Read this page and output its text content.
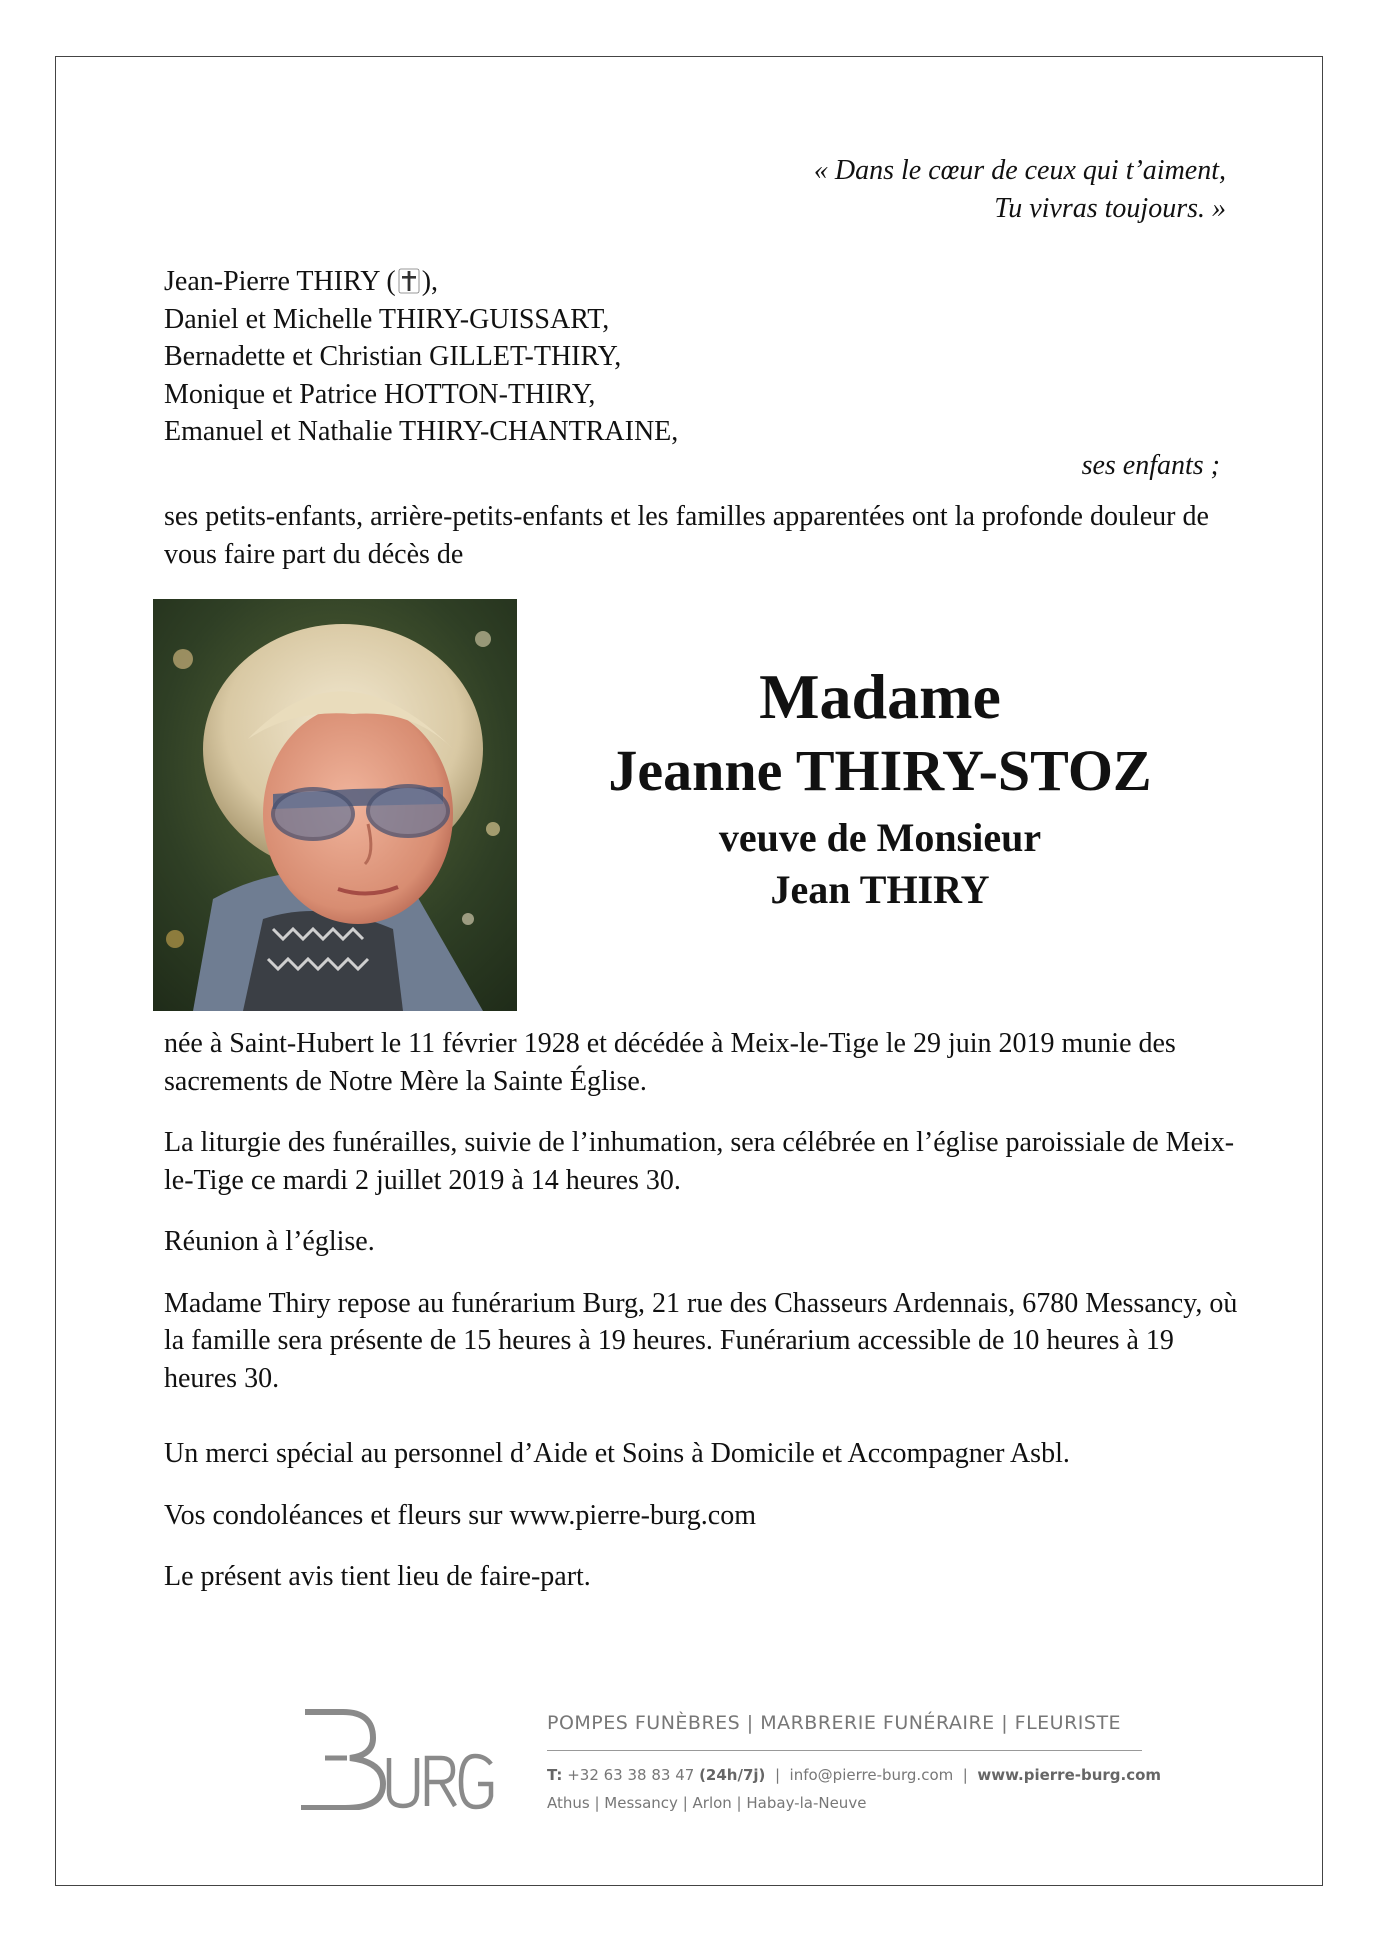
« Dans le cœur de ceux qui t’aiment,
Tu vivras toujours. »
Jean-Pierre THIRY ( ),
Daniel et Michelle THIRY-GUISSART,
Bernadette et Christian GILLET-THIRY,
Monique et Patrice HOTTON-THIRY,
Emanuel et Nathalie THIRY-CHANTRAINE,
ses enfants ;
ses petits-enfants, arrière-petits-enfants et les familles apparentées ont la profonde douleur de vous faire part du décès de
Madame
Jeanne THIRY-STOZ
veuve de Monsieur
Jean THIRY

née à Saint-Hubert le 11 février 1928 et décédée à Meix-le-Tige le 29 juin 2019 munie des sacrements de Notre Mère la Sainte Église.

La liturgie des funérailles, suivie de l’inhumation, sera célébrée en l’église paroissiale de Meix-le-Tige ce mardi 2 juillet 2019 à 14 heures 30.

Réunion à l’église.

Madame Thiry repose au funérarium Burg, 21 rue des Chasseurs Ardennais, 6780 Messancy, où la famille sera présente de 15 heures à 19 heures. Funérarium accessible de 10 heures à 19 heures 30.

Un merci spécial au personnel d’Aide et Soins à Domicile et Accompagner Asbl.

Vos condoléances et fleurs sur www.pierre-burg.com

Le présent avis tient lieu de faire-part.

POMPES FUNÈBRES | MARBRERIE FUNÉRAIRE | FLEURISTE
T: +32 63 38 83 47 (24h/7j)  |  info@pierre-burg.com  |  www.pierre-burg.com
Athus | Messancy | Arlon | Habay-la-Neuve
